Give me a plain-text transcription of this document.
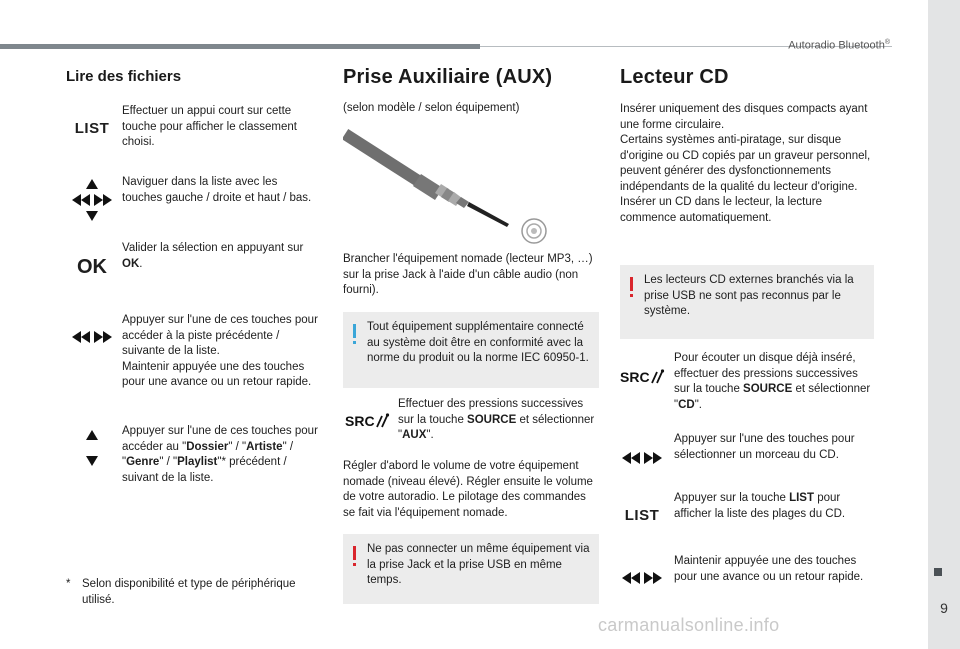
Autoradio Bluetooth®
9
carmanualsonline.info
Lire des fichiers
LIST
Effectuer un appui court sur cette touche pour afficher le classement choisi.
Naviguer dans la liste avec les touches gauche / droite et haut / bas.
OK
Valider la sélection en appuyant sur OK.
Appuyer sur l'une de ces touches pour accéder à la piste précédente / suivante de la liste.
Maintenir appuyée une des touches pour une avance ou un retour rapide.
Appuyer sur l'une de ces touches pour accéder au "Dossier" / "Artiste" / "Genre" / "Playlist"* précédent / suivant de la liste.
*	Selon disponibilité et type de périphérique utilisé.
Prise Auxiliaire (AUX)

(selon modèle / selon équipement)

Brancher l'équipement nomade (lecteur MP3, …) sur la prise Jack à l'aide d'un câble audio (non fourni).
Tout équipement supplémentaire connecté au système doit être en conformité avec la norme du produit ou la norme IEC 60950-1.
SRC
Effectuer des pressions successives sur la touche SOURCE et sélectionner "AUX".
Régler d'abord le volume de votre équipement nomade (niveau élevé). Régler ensuite le volume de votre autoradio. Le pilotage des commandes se fait via l'équipement nomade.
Ne pas connecter un même équipement via la prise Jack et la prise USB en même temps.
Lecteur CD
Insérer uniquement des disques compacts ayant une forme circulaire.
Certains systèmes anti-piratage, sur disque d'origine ou CD copiés par un graveur personnel, peuvent générer des dysfonctionnements indépendants de la qualité du lecteur d'origine.
Insérer un CD dans le lecteur, la lecture commence automatiquement.
Les lecteurs CD externes branchés via la prise USB ne sont pas reconnus par le système.
SRC
Pour écouter un disque déjà inséré, effectuer des pressions successives sur la touche SOURCE et sélectionner "CD".
Appuyer sur l'une des touches pour sélectionner un morceau du CD.
LIST
Appuyer sur la touche LIST pour afficher la liste des plages du CD.
Maintenir appuyée une des touches pour une avance ou un retour rapide.
